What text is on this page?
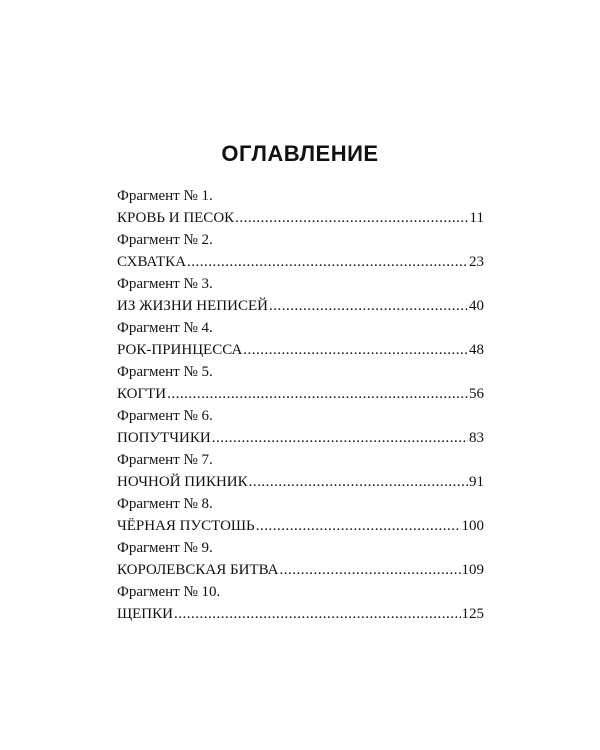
ОГЛАВЛЕНИЕ
Фрагмент № 1.
КРОВЬ И ПЕСОК .....	11
Фрагмент № 2.
СХВАТКА .....	23
Фрагмент № 3.
ИЗ ЖИЗНИ НЕПИСЕЙ .....	40
Фрагмент № 4.
РОК-ПРИНЦЕССА .....	48
Фрагмент № 5.
КОГТИ .....	56
Фрагмент № 6.
ПОПУТЧИКИ .....	83
Фрагмент № 7.
НОЧНОЙ ПИКНИК .....	91
Фрагмент № 8.
ЧЁРНАЯ ПУСТОШЬ .....	100
Фрагмент № 9.
КОРОЛЕВСКАЯ БИТВА .....	109
Фрагмент № 10.
ЩЕПКИ .....	125
